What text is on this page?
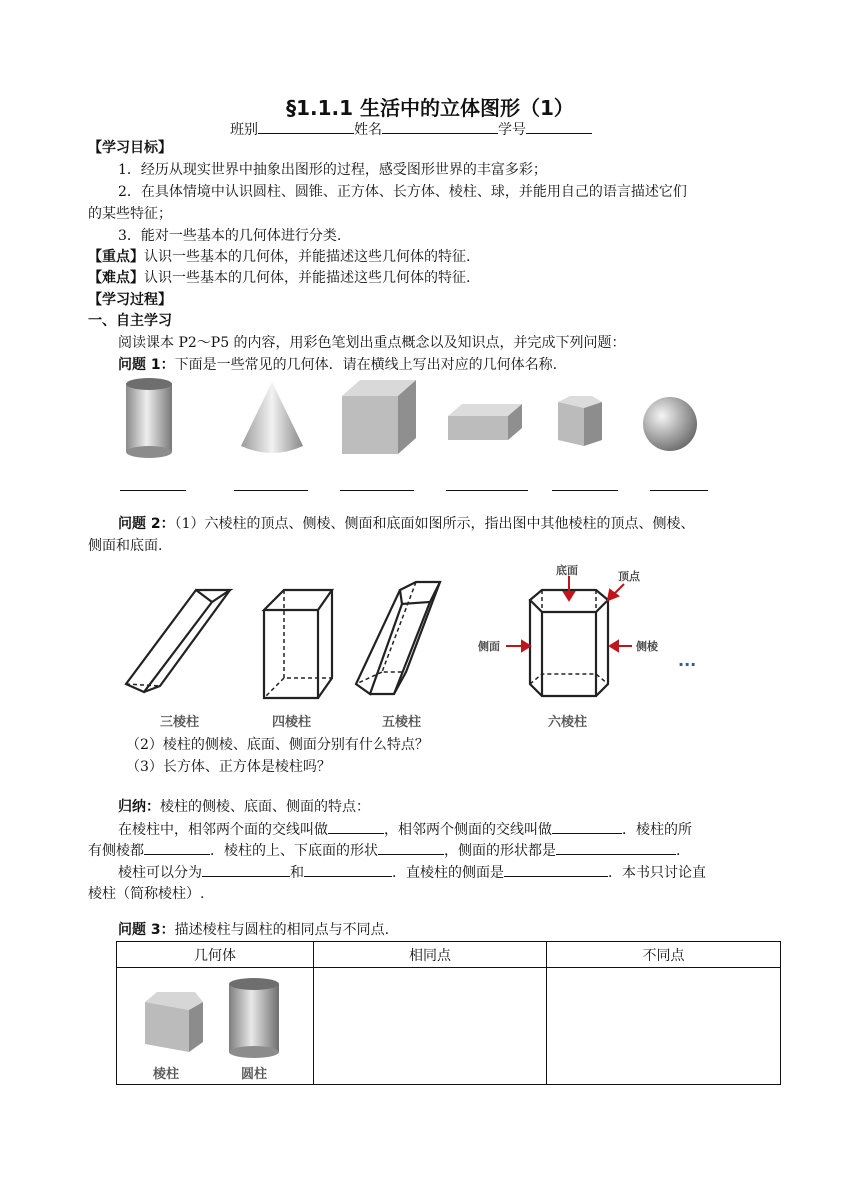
§1.1.1 生活中的立体图形（1）
班别	姓名	学号
【学习目标】
1．经历从现实世界中抽象出图形的过程，感受图形世界的丰富多彩；
2．在具体情境中认识圆柱、圆锥、正方体、长方体、棱柱、球，并能用自己的语言描述它们
的某些特征；
3．能对一些基本的几何体进行分类.
【重点】认识一些基本的几何体，并能描述这些几何体的特征.
【难点】认识一些基本的几何体，并能描述这些几何体的特征.
【学习过程】
一、自主学习
阅读课本 P2～P5 的内容，用彩色笔划出重点概念以及知识点，并完成下列问题：
问题 1：下面是一些常见的几何体．请在横线上写出对应的几何体名称.
问题 2：（1）六棱柱的顶点、侧棱、侧面和底面如图所示，指出图中其他棱柱的顶点、侧棱、
侧面和底面.
底面	顶点
侧面	侧棱
···
三棱柱	四棱柱	五棱柱	六棱柱
（2）棱柱的侧棱、底面、侧面分别有什么特点？
（3）长方体、正方体是棱柱吗？
归纳：棱柱的侧棱、底面、侧面的特点：
在棱柱中，相邻两个面的交线叫做	，相邻两个侧面的交线叫做	．棱柱的所
有侧棱都	．棱柱的上、下底面的形状	，侧面的形状都是	.
棱柱可以分为	和	．直棱柱的侧面是	．本书只讨论直
棱柱（简称棱柱）.
问题 3：描述棱柱与圆柱的相同点与不同点.
几何体	相同点	不同点

棱柱 圆柱		
